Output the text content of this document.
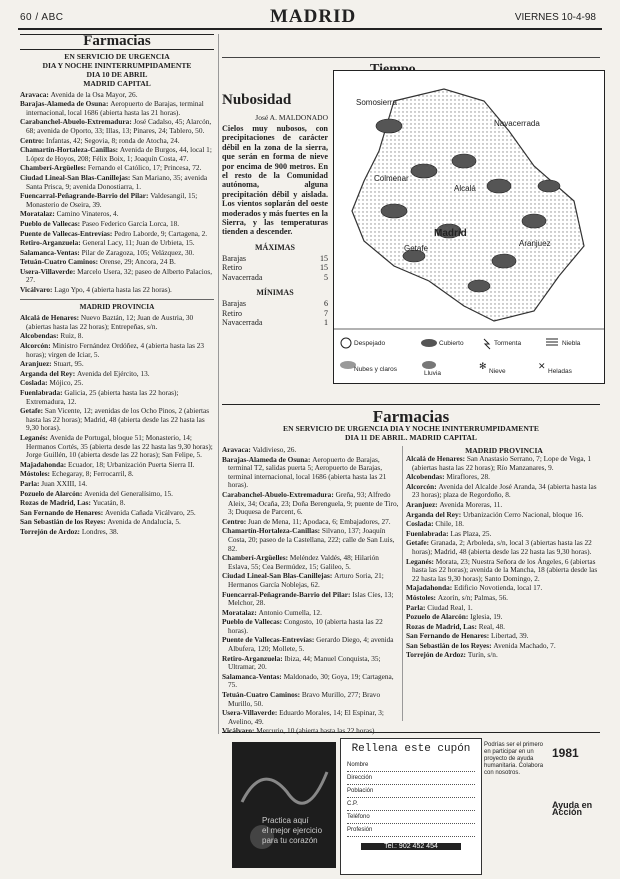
60 / ABC	MADRID	VIERNES 10-4-98
Farmacias
EN SERVICIO DE URGENCIA
DIA Y NOCHE ININTERRUMPIDAMENTE
DIA 10 DE ABRIL
MADRID CAPITAL

Aravaca: Avenida de la Osa Mayor, 26.

Barajas-Alameda de Osuna: Aeropuerto de Barajas, terminal internacional, local 1686 (abierta hasta las 21 horas).

Carabanchel-Abuelo-Extremadura: José Cadalso, 45; Alarcón, 68; avenida de Oporto, 33; Illas, 13; Pinares, 24; Tablero, 50.

Centro: Infantas, 42; Segovia, 8; ronda de Atocha, 24.

Chamartín-Hortaleza-Canillas: Avenida de Burgos, 44, local 1; López de Hoyos, 208; Félix Boix, 1; Joaquín Costa, 47.

Chamberí-Argüelles: Fernando el Católico, 17; Princesa, 72.

Ciudad Lineal-San Blas-Canillejas: San Mariano, 35; avenida Santa Prisca, 9; avenida Donostiarra, 1.

Fuencarral-Peñagrande-Barrio del Pilar: Valdesangil, 15; Monasterio de Oseira, 39.

Moratalaz: Camino Vinateros, 4.

Pueblo de Vallecas: Paseo Federico García Lorca, 18.

Puente de Vallecas-Entrevías: Pedro Laborde, 9; Cartagena, 2.

Retiro-Arganzuela: General Lacy, 11; Juan de Urbieta, 15.

Salamanca-Ventas: Pilar de Zaragoza, 105; Velázquez, 30.

Tetuán-Cuatro Caminos: Orense, 29; Ancora, 24 B.

Usera-Villaverde: Marcelo Usera, 32; paseo de Alberto Palacios, 27.

Vicálvaro: Lago Ypo, 4 (abierta hasta las 22 horas).

MADRID PROVINCIA

Alcalá de Henares: Nuevo Baztán, 12; Juan de Austria, 30 (abiertas hasta las 22 horas); Entrepeñas, s/n.

Alcobendas: Ruiz, 8.

Alcorcón: Ministro Fernández Ordóñez, 4 (abierta hasta las 23 horas); virgen de Iciar, 5.

Aranjuez: Stuart, 95.

Arganda del Rey: Avenida del Ejército, 13.

Coslada: Mójico, 25.

Fuenlabrada: Galicia, 25 (abierta hasta las 22 horas); Extremadura, 12.

Getafe: San Vicente, 12; avenidas de los Ocho Pinos, 2 (abiertas hasta las 22 horas); Madrid, 48 (abierta desde las 22 hasta las 9,30 horas).

Leganés: Avenida de Portugal, bloque 51; Monasterio, 14; Hermanos Cortés, 35 (abierta desde las 22 hasta las 9,30 horas); Jorge Guillén, 10 (abierta desde las 22 horas); San Felipe, 5.

Majadahonda: Ecuador, 18; Urbanización Puerta Sierra II.

Móstoles: Echegaray, 8; Ferrocarril, 8.

Parla: Juan XXIII, 14.

Pozuelo de Alarcón: Avenida del Generalísimo, 15.

Rozas de Madrid, Las: Yucatán, 8.

San Fernando de Henares: Avenida Cañada Vicálvaro, 25.

San Sebastián de los Reyes: Avenida de Andalucía, 5.

Torrejón de Ardoz: Londres, 38.

Nubosidad
José A. MALDONADO
Cielos muy nubosos, con precipitaciones de carácter débil en la zona de la sierra, que serán en forma de nieve por encima de 900 metros. En el resto de la Comunidad autónoma, alguna precipitación débil y aislada. Los vientos soplarán del oeste moderados y más fuertes en la Sierra, y las temperaturas tienden a descender.
MÁXIMAS
Barajas	15
Retiro	15
Navacerrada	5
MÍNIMAS
Barajas	6
Retiro	7
Navacerrada	1
Somosierra
Navacerrada
Alcalá
Colmenar
Aranjuez
Getafe
Madrid
Despejado	Cubierto	Tormenta	Niebla
Nubes y claros
Lluvia
✻
Nieve
✕
Heladas
Farmacias
EN SERVICIO DE URGENCIA DIA Y NOCHE ININTERRUMPIDAMENTE
DIA 11 DE ABRIL. MADRID CAPITAL

Aravaca: Valdivieso, 26.

Barajas-Alameda de Osuna: Aeropuerto de Barajas, terminal T2, salidas puerta 5; Aeropuerto de Barajas, terminal internacional, local 1686 (abierta hasta las 21 horas).

Carabanchel-Abuelo-Extremadura: Greña, 93; Alfredo Aleix, 34; Ocaña, 23; Doña Berenguela, 9; puente de Tiro, 3; Duquesa de Parcent, 6.

Centro: Juan de Mena, 11; Apodaca, 6; Embajadores, 27.

Chamartín-Hortaleza-Canillas: Silvano, 137; Joaquín Costa, 20; paseo de la Castellana, 222; calle de San Luis, 82.

Chamberí-Argüelles: Meléndez Valdés, 48; Hilarión Eslava, 55; Cea Bermúdez, 15; Galileo, 5.

Ciudad Lineal-San Blas-Canillejas: Arturo Soria, 21; Hermanos García Noblejas, 62.

Fuencarral-Peñagrande-Barrio del Pilar: Islas Cíes, 13; Melchor, 28.

Moratalaz: Antonio Cumella, 12.

Pueblo de Vallecas: Congosto, 10 (abierta hasta las 22 horas).

Puente de Vallecas-Entrevías: Gerardo Diego, 4; avenida Albufera, 120; Mollete, 5.

Retiro-Arganzuela: Ibiza, 44; Manuel Conquista, 35; Ultramar, 20.

Salamanca-Ventas: Maldonado, 30; Goya, 19; Cartagena, 75.

Tetuán-Cuatro Caminos: Bravo Murillo, 277; Bravo Murillo, 50.

Usera-Villaverde: Eduardo Morales, 14; El Espinar, 3; Avelino, 49.

Vicálvaro: Mercurio, 10 (abierta hasta las 22 horas).

MADRID PROVINCIA

Alcalá de Henares: San Anastasio Serrano, 7; Lope de Vega, 1 (abiertas hasta las 22 horas); Río Manzanares, 9.

Alcobendas: Miraflores, 28.

Alcorcón: Avenida del Alcalde José Aranda, 34 (abierta hasta las 23 horas); plaza de Regordoño, 8.

Aranjuez: Avenida Moreras, 11.

Arganda del Rey: Urbanización Cerro Nacional, bloque 16.

Coslada: Chile, 18.

Fuenlabrada: Las Plaza, 25.

Getafe: Granada, 2; Arboleda, s/n, local 3 (abiertas hasta las 22 horas); Madrid, 48 (abierta desde las 22 hasta las 9,30 horas).

Leganés: Morata, 23; Nuestra Señora de los Ángeles, 6 (abiertas hasta las 22 horas); avenida de la Mancha, 18 (abierta desde las 22 hasta las 9,30 horas); Santo Domingo, 2.

Majadahonda: Edificio Novotienda, local 17.

Móstoles: Azorín, s/n; Palmas, 56.

Parla: Ciudad Real, 1.

Pozuelo de Alarcón: Iglesia, 19.

Rozas de Madrid, Las: Real, 48.

San Fernando de Henares: Libertad, 39.

San Sebastián de los Reyes: Avenida Machado, 7.

Torrejón de Ardoz: Turín, s/n.

Practica aquí
el mejor ejercicio
para tu corazón
Rellena este cupón
Nombre
Dirección
Población
C.P.
Teléfono
Profesión
Tel.: 902 452 454
Podrías ser el primero en participar en un proyecto de ayuda humanitaria. Colabora con nosotros.
1981
Ayuda en Acción
